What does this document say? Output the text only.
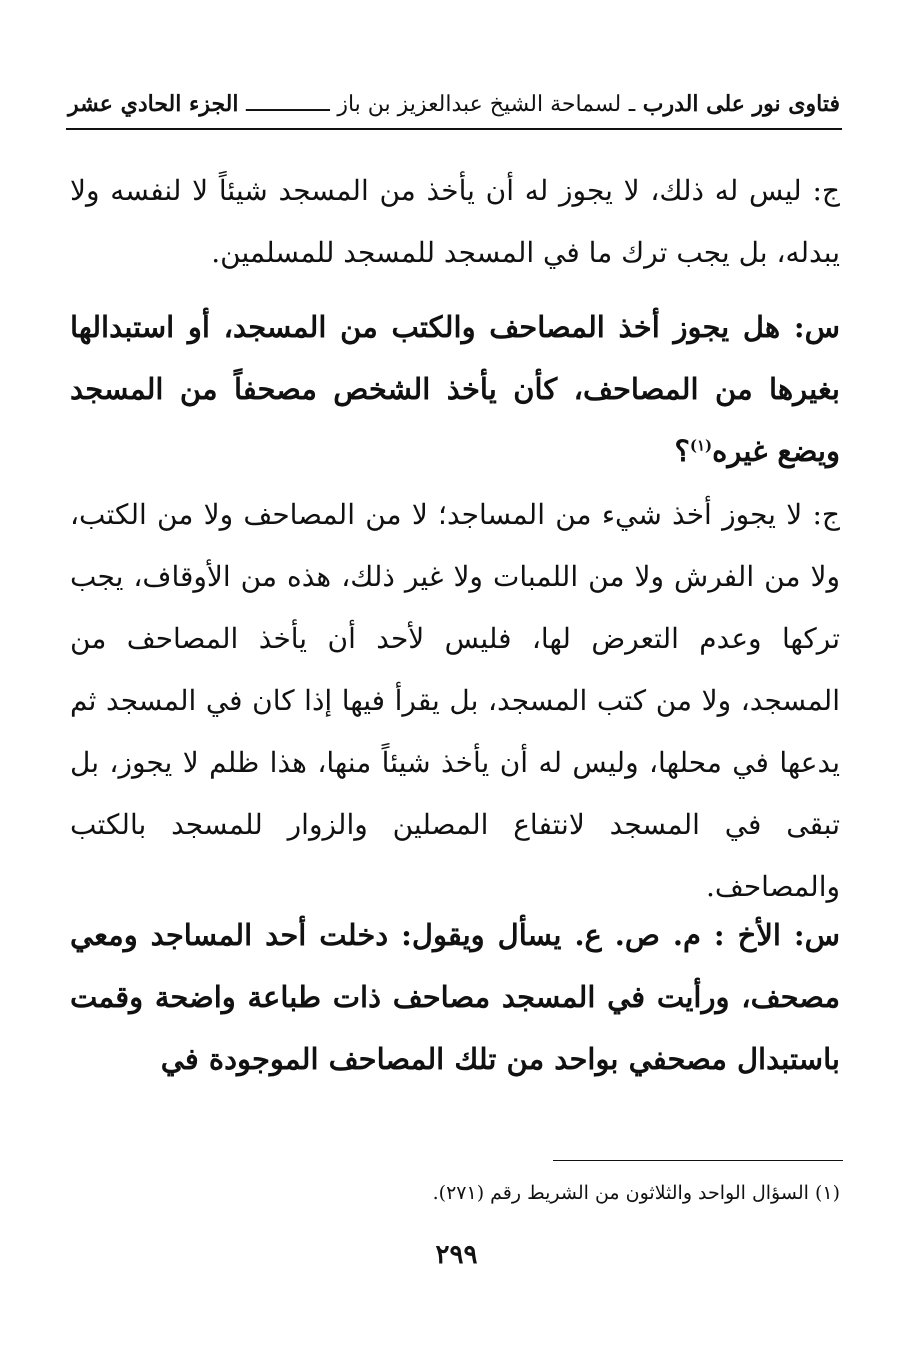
فتاوى نور على الدرب
ـ
لسماحة الشيخ عبدالعزيز بن باز
ـــــــــــــ
الجزء الحادي عشر
ج: ليس له ذلك، لا يجوز له أن يأخذ من المسجد شيئاً لا لنفسه ولا يبدله، بل يجب ترك ما في المسجد للمسجد للمسلمين.
س: هل يجوز أخذ المصاحف والكتب من المسجد، أو استبدالها بغيرها من المصاحف، كأن يأخذ الشخص مصحفاً من المسجد ويضع غيره$^{(١)}$؟
ج: لا يجوز أخذ شيء من المساجد؛ لا من المصاحف ولا من الكتب، ولا من الفرش ولا من اللمبات ولا غير ذلك، هذه من الأوقاف، يجب تركها وعدم التعرض لها، فليس لأحد أن يأخذ المصاحف من المسجد، ولا من كتب المسجد، بل يقرأ فيها إذا كان في المسجد ثم يدعها في محلها، وليس له أن يأخذ شيئاً منها، هذا ظلم لا يجوز، بل تبقى في المسجد لانتفاع المصلين والزوار للمسجد بالكتب والمصاحف.
س: الأخ : م. ص. ع. يسأل ويقول: دخلت أحد المساجد ومعي مصحف، ورأيت في المسجد مصاحف ذات طباعة واضحة وقمت باستبدال مصحفي بواحد من تلك المصاحف الموجودة في
(١) السؤال الواحد والثلاثون من الشريط رقم (٢٧١).
٢٩٩
